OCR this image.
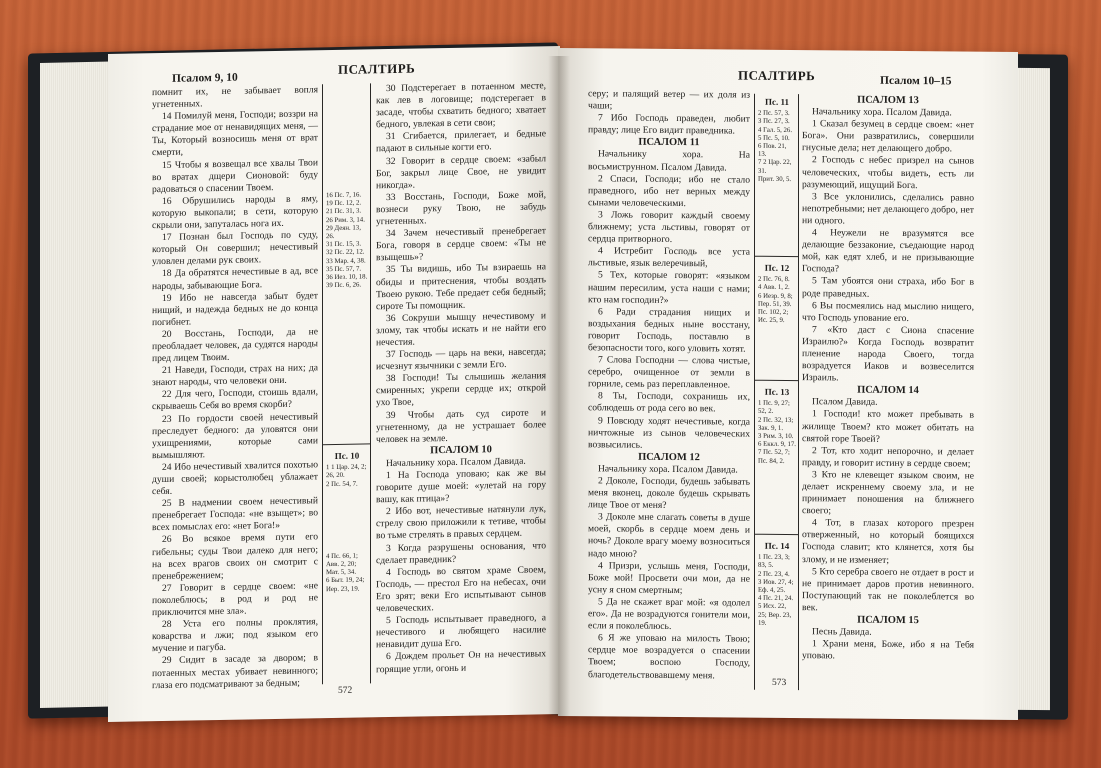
Псалом 9, 10
ПСАЛТИРЬ

помнит их, не забывает вопля угнетенных.

14 Помилуй меня, Господи; воззри на страдание мое от ненавидящих меня, — Ты, Который возносишь меня от врат смерти,

15 Чтобы я возвещал все хвалы Твои во вратах дщери Сионовой: буду радоваться о спасении Твоем.

16 Обрушились народы в яму, которую выкопали; в сети, которую скрыли они, запуталась нога их.

17 Познан был Господь по суду, который Он совершил; нечестивый уловлен делами рук своих.

18 Да обратятся нечестивые в ад, все народы, забывающие Бога.

19 Ибо не навсегда забыт будет нищий, и надежда бедных не до конца погибнет.

20 Восстань, Господи, да не преобладает человек, да судятся народы пред лицем Твоим.

21 Наведи, Господи, страх на них; да знают народы, что человеки они.

22 Для чего, Господи, стоишь вдали, скрываешь Себя во время скорби?

23 По гордости своей нечестивый преследует бедного: да уловятся они ухищрениями, которые сами вымышляют.

24 Ибо нечестивый хвалится похотью души своей; корыстолюбец ублажает себя.

25 В надмении своем нечестивый пренебрегает Господа: «не взыщет»; во всех помыслах его: «нет Бога!»

26 Во всякое время пути его гибельны; суды Твои далеко для него; на всех врагов своих он смотрит с пренебрежением;

27 Говорит в сердце своем: «не поколеблюсь; в род и род не приключится мне зла».

28 Уста его полны проклятия, коварства и лжи; под языком его мучение и пагуба.

29 Сидит в засаде за двором; в потаенных местах убивает невинного; глаза его подсматривают за бедным;

16 Пс. 7, 16.
19 Пс. 12, 2.
21 Пс. 31, 3.
26 Рим. 3, 14.
29 Деян. 13, 26.
31 Пс. 15, 3.
32 Пс. 22, 12.
33 Мар. 4, 38.
35 Пс. 57, 7.
36 Иез. 10, 18.
39 Пс. 6, 26.
Пс. 10
1 1 Цар. 24, 2; 26, 20.
2 Пс. 54, 7.
4 Пс. 66, 1; Авв. 2, 20; Мат. 5, 34.
6 Быт. 19, 24; Иер. 23, 19.

30 Подстерегает в потаенном месте, как лев в логовище; подстерегает в засаде, чтобы схватить бедного; хватает бедного, увлекая в сети свои;

31 Сгибается, прилегает, и бедные падают в сильные когти его.

32 Говорит в сердце своем: «забыл Бог, закрыл лице Свое, не увидит никогда».

33 Восстань, Господи, Боже мой, вознеси руку Твою, не забудь угнетенных.

34 Зачем нечестивый пренебрегает Бога, говоря в сердце своем: «Ты не взыщешь»?

35 Ты видишь, ибо Ты взираешь на обиды и притеснения, чтобы воздать Твоею рукою. Тебе предает себя бедный; сироте Ты помощник.

36 Сокруши мышцу нечестивому и злому, так чтобы искать и не найти его нечестия.

37 Господь — царь на веки, навсегда; исчезнут язычники с земли Его.

38 Господи! Ты слышишь желания смиренных; укрепи сердце их; открой ухо Твое,

39 Чтобы дать суд сироте и угнетенному, да не устрашает более человек на земле.

ПСАЛОМ 10

Начальнику хора. Псалом Давида.

1 На Господа уповаю; как же вы говорите душе моей: «улетай на гору вашу, как птица»?

2 Ибо вот, нечестивые натянули лук, стрелу свою приложили к тетиве, чтобы во тьме стрелять в правых сердцем.

3 Когда разрушены основания, что сделает праведник?

4 Господь во святом храме Своем, Господь, — престол Его на небесах, очи Его зрят; веки Его испытывают сынов человеческих.

5 Господь испытывает праведного, а нечестивого и любящего насилие ненавидит душа Его.

6 Дождем прольет Он на нечестивых горящие угли, огонь и

572
ПСАЛТИРЬ	Псалом 10–15

серу; и палящий ветер — их доля из чаши;

7 Ибо Господь праведен, любит правду; лице Его видит праведника.

ПСАЛОМ 11

Начальнику хора. На восьмиструнном. Псалом Давида.

2 Спаси, Господи; ибо не стало праведного, ибо нет верных между сынами человеческими.

3 Ложь говорит каждый своему ближнему; уста льстивы, говорят от сердца притворного.

4 Истребит Господь все уста льстивые, язык велеречивый,

5 Тех, которые говорят: «языком нашим пересилим, уста наши с нами; кто нам господин?»

6 Ради страдания нищих и воздыхания бедных ныне восстану, говорит Господь, поставлю в безопасности того, кого уловить хотят.

7 Слова Господни — слова чистые, серебро, очищенное от земли в горниле, семь раз переплавленное.

8 Ты, Господи, сохранишь их, соблюдешь от рода сего во век.

9 Повсюду ходят нечестивые, когда ничтожные из сынов человеческих возвысились.

ПСАЛОМ 12

Начальнику хора. Псалом Давида.

2 Доколе, Господи, будешь забывать меня вконец, доколе будешь скрывать лице Твое от меня?

3 Доколе мне слагать советы в душе моей, скорбь в сердце моем день и ночь? Доколе врагу моему возноситься надо мною?

4 Призри, услышь меня, Господи, Боже мой! Просвети очи мои, да не усну я сном смертным;

5 Да не скажет враг мой: «я одолел его». Да не возрадуются гонители мои, если я поколеблюсь.

6 Я же уповаю на милость Твою; сердце мое возрадуется о спасении Твоем; воспою Господу, благодетельствовавшему меня.

Пс. 11
2 Пс. 57, 3.
3 Пс. 27, 3.
4 Гал. 5, 26.
5 Пс. 5, 10.
6 Пов. 21, 13.
7 2 Цар. 22, 31.
Прит. 30, 5.
Пс. 12
2 Пс. 76, 8.
4 Авв. 1, 2.
6 Иезр. 9, 8; Пер. 51, 39.
Пс. 102, 2; Ис. 25, 9.
Пс. 13
1 Пс. 9, 27; 52, 2.
2 Пс. 32, 13; Зак. 9, 1.
3 Рим. 3, 10.
6 Еккл. 9, 17.
7 Пс. 52, 7; Пс. 84, 2.
Пс. 14
1 Пс. 23, 3; 83, 5.
2 Пс. 23, 4.
3 Иов. 27, 4; Еф. 4, 25.
4 Пс. 21, 24.
5 Исх. 22, 25; Вер. 23, 19.

ПСАЛОМ 13

Начальнику хора. Псалом Давида.

1 Сказал безумец в сердце своем: «нет Бога». Они развратились, совершили гнусные дела; нет делающего добро.

2 Господь с небес призрел на сынов человеческих, чтобы видеть, есть ли разумеющий, ищущий Бога.

3 Все уклонились, сделались равно непотребными; нет делающего добро, нет ни одного.

4 Неужели не вразумятся все делающие беззаконие, съедающие народ мой, как едят хлеб, и не призывающие Господа?

5 Там убоятся они страха, ибо Бог в роде праведных.

6 Вы посмеялись над мыслию нищего, что Господь упование его.

7 «Кто даст с Сиона спасение Израилю?» Когда Господь возвратит пленение народа Своего, тогда возрадуется Иаков и возвеселится Израиль.

ПСАЛОМ 14

Псалом Давида.

1 Господи! кто может пребывать в жилище Твоем? кто может обитать на святой горе Твоей?

2 Тот, кто ходит непорочно, и делает правду, и говорит истину в сердце своем;

3 Кто не клевещет языком своим, не делает искреннему своему зла, и не принимает поношения на ближнего своего;

4 Тот, в глазах которого презрен отверженный, но который боящихся Господа славит; кто клянется, хотя бы злому, и не изменяет;

5 Кто серебра своего не отдает в рост и не принимает даров против невинного. Поступающий так не поколеблется во век.

ПСАЛОМ 15

Песнь Давида.

1 Храни меня, Боже, ибо я на Тебя уповаю.

573
